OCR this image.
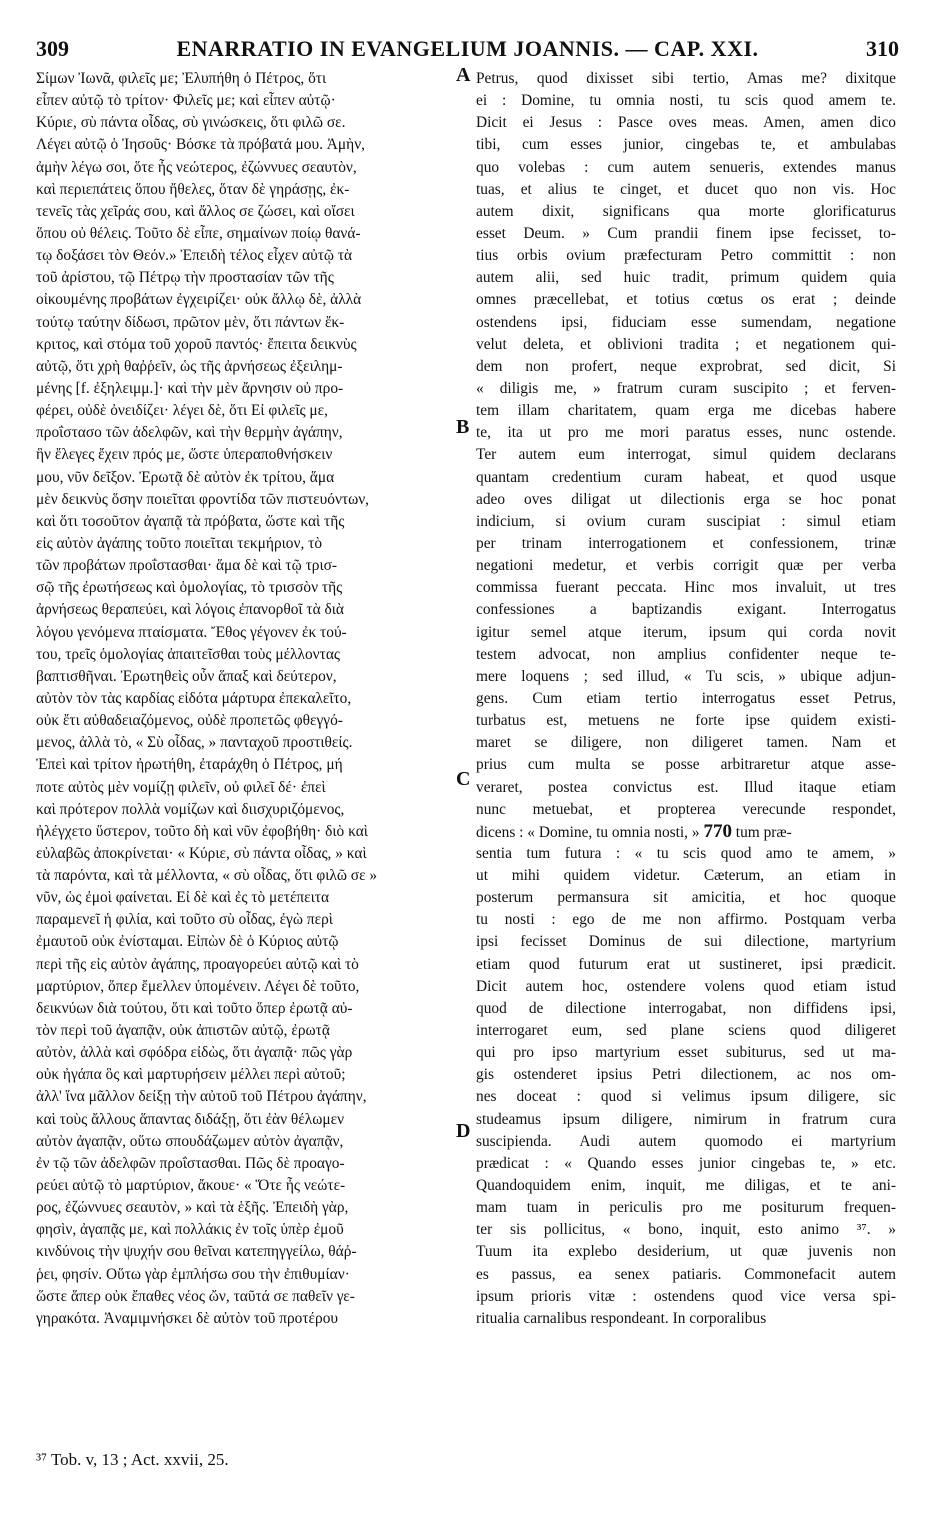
309	ENARRATIO IN EVANGELIUM JOANNIS. — CAP. XXI.	310
Σίμων Ἰωνᾶ, φιλεῖς με; Ἐλυπήθη ὁ Πέτρος, ὅτι
εἶπεν αὐτῷ τὸ τρίτον· Φιλεῖς με; καὶ εἶπεν αὐτῷ·
Κύριε, σὺ πάντα οἶδας, σὺ γινώσκεις, ὅτι φιλῶ σε.
Λέγει αὐτῷ ὁ Ἰησοῦς· Βόσκε τὰ πρόβατά μου. Ἀμὴν,
ἀμὴν λέγω σοι, ὅτε ἦς νεώτερος, ἐζώννυες σεαυτὸν,
καὶ περιεπάτεις ὅπου ἤθελες, ὅταν δὲ γηράσῃς, ἐκ-
τενεῖς τὰς χεῖράς σου, καὶ ἄλλος σε ζώσει, καὶ οἴσει
ὅπου οὐ θέλεις. Τοῦτο δὲ εἶπε, σημαίνων ποίῳ θανά-
τῳ δοξάσει τὸν Θεόν.» Ἐπειδὴ τέλος εἶχεν αὐτῷ τὰ
τοῦ ἀρίστου, τῷ Πέτρῳ τὴν προστασίαν τῶν τῆς
οἰκουμένης προβάτων ἐγχειρίζει· οὐκ ἄλλῳ δὲ, ἀλλὰ
τούτῳ ταύτην δίδωσι, πρῶτον μὲν, ὅτι πάντων ἔκ-
κριτος, καὶ στόμα τοῦ χοροῦ παντός· ἔπειτα δεικνὺς
αὐτῷ, ὅτι χρὴ θαῤῥεῖν, ὡς τῆς ἀρνήσεως ἐξειλημ-
μένης [f. ἐξηλειμμ.]· καὶ τὴν μὲν ἄρνησιν οὐ προ-
φέρει, οὐδὲ ὀνειδίζει· λέγει δὲ, ὅτι Εἰ φιλεῖς με,
προΐστασο τῶν ἀδελφῶν, καὶ τὴν θερμὴν ἀγάπην,
ἣν ἔλεγες ἔχειν πρός με, ὥστε ὑπεραποθνήσκειν
μου, νῦν δεῖξον. Ἐρωτᾷ δὲ αὐτὸν ἐκ τρίτου, ἅμα
μὲν δεικνὺς ὅσην ποιεῖται φροντίδα τῶν πιστευόντων,
καὶ ὅτι τοσοῦτον ἀγαπᾷ τὰ πρόβατα, ὥστε καὶ τῆς
εἰς αὐτὸν ἀγάπης τοῦτο ποιεῖται τεκμήριον, τὸ
τῶν προβάτων προΐστασθαι· ἅμα δὲ καὶ τῷ τρισ-
σῷ τῆς ἐρωτήσεως καὶ ὁμολογίας, τὸ τρισσὸν τῆς
ἀρνήσεως θεραπεύει, καὶ λόγοις ἐπανορθοῖ τὰ διὰ
λόγου γενόμενα πταίσματα. Ἔθος γέγονεν ἐκ τού-
του, τρεῖς ὁμολογίας ἀπαιτεῖσθαι τοὺς μέλλοντας
βαπτισθῆναι. Ἐρωτηθεὶς οὖν ἅπαξ καὶ δεύτερον,
αὐτὸν τὸν τὰς καρδίας εἰδότα μάρτυρα ἐπεκαλεῖτο,
οὐκ ἔτι αὐθαδειαζόμενος, οὐδὲ προπετῶς φθεγγό-
μενος, ἀλλὰ τὸ, « Σὺ οἶδας, » πανταχοῦ προστιθείς.
Ἐπεὶ καὶ τρίτον ἠρωτήθη, ἐταράχθη ὁ Πέτρος, μή
ποτε αὐτὸς μὲν νομίζῃ φιλεῖν, οὐ φιλεῖ δέ· ἐπεὶ
καὶ πρότερον πολλὰ νομίζων καὶ διισχυριζόμενος,
ἠλέγχετο ὕστερον, τοῦτο δὴ καὶ νῦν ἐφοβήθη· διὸ καὶ
εὐλαβῶς ἀποκρίνεται· « Κύριε, σὺ πάντα οἶδας, » καὶ
τὰ παρόντα, καὶ τὰ μέλλοντα, « σὺ οἶδας, ὅτι φιλῶ σε »
νῦν, ὡς ἐμοὶ φαίνεται. Εἰ δὲ καὶ ἐς τὸ μετέπειτα
παραμενεῖ ἡ φιλία, καὶ τοῦτο σὺ οἶδας, ἐγὼ περὶ
ἐμαυτοῦ οὐκ ἐνίσταμαι. Εἰπὼν δὲ ὁ Κύριος αὐτῷ
περὶ τῆς εἰς αὐτὸν ἀγάπης, προαγορεύει αὐτῷ καὶ τὸ
μαρτύριον, ὅπερ ἔμελλεν ὑπομένειν. Λέγει δὲ τοῦτο,
δεικνύων διὰ τούτου, ὅτι καὶ τοῦτο ὅπερ ἐρωτᾷ αὐ-
τὸν περὶ τοῦ ἀγαπᾷν, οὐκ ἀπιστῶν αὐτῷ, ἐρωτᾷ
αὐτὸν, ἀλλὰ καὶ σφόδρα εἰδὼς, ὅτι ἀγαπᾷ· πῶς γὰρ
οὐκ ἠγάπα ὃς καὶ μαρτυρήσειν μέλλει περὶ αὐτοῦ;
ἀλλ' ἵνα μᾶλλον δείξῃ τὴν αὐτοῦ τοῦ Πέτρου ἀγάπην,
καὶ τοὺς ἄλλους ἅπαντας διδάξῃ, ὅτι ἐὰν θέλωμεν
αὐτὸν ἀγαπᾷν, οὕτω σπουδάζωμεν αὐτὸν ἀγαπᾷν,
ἐν τῷ τῶν ἀδελφῶν προΐστασθαι. Πῶς δὲ προαγο-
ρεύει αὐτῷ τὸ μαρτύριον, ἄκουε· « Ὅτε ἦς νεώτε-
ρος, ἐζώννυες σεαυτὸν, » καὶ τὰ ἑξῆς. Ἐπειδὴ γὰρ,
φησὶν, ἀγαπᾷς με, καὶ πολλάκις ἐν τοῖς ὑπὲρ ἐμοῦ
κινδύνοις τὴν ψυχήν σου θεῖναι κατεπηγγείλω, θάῤ-
ῥει, φησίν. Οὕτω γὰρ ἐμπλήσω σου τὴν ἐπιθυμίαν·
ὥστε ἅπερ οὐκ ἔπαθες νέος ὤν, ταῦτά σε παθεῖν γε-
γηρακότα. Ἀναμιμνήσκει δὲ αὐτὸν τοῦ προτέρου
Petrus, quod dixisset sibi tertio, Amas me? dixitque
ei : Domine, tu omnia nosti, tu scis quod amem te.
Dicit ei Jesus : Pasce oves meas. Amen, amen dico
tibi, cum esses junior, cingebas te, et ambulabas
quo volebas : cum autem senueris, extendes manus
tuas, et alius te cinget, et ducet quo non vis. Hoc
autem dixit, significans qua morte glorificaturus
esset Deum. » Cum prandii finem ipse fecisset, to-
tius orbis ovium præfecturam Petro committit : non
autem alii, sed huic tradit, primum quidem quia
omnes præcellebat, et totius cœtus os erat ; deinde
ostendens ipsi, fiduciam esse sumendam, negatione
velut deleta, et oblivioni tradita ; et negationem qui-
dem non profert, neque exprobrat, sed dicit, Si
« diligis me, » fratrum curam suscipito ; et ferven-
tem illam charitatem, quam erga me dicebas habere
te, ita ut pro me mori paratus esses, nunc ostende.
Ter autem eum interrogat, simul quidem declarans
quantam credentium curam habeat, et quod usque
adeo oves diligat ut dilectionis erga se hoc ponat
indicium, si ovium curam suscipiat : simul etiam
per trinam interrogationem et confessionem, trinæ
negationi medetur, et verbis corrigit quæ per verba
commissa fuerant peccata. Hinc mos invaluit, ut tres
confessiones a baptizandis exigant. Interrogatus
igitur semel atque iterum, ipsum qui corda novit
testem advocat, non amplius confidenter neque te-
mere loquens ; sed illud, « Tu scis, » ubique adjun-
gens. Cum etiam tertio interrogatus esset Petrus,
turbatus est, metuens ne forte ipse quidem existi-
maret se diligere, non diligeret tamen. Nam et
prius cum multa se posse arbitraretur atque asse-
veraret, postea convictus est. Illud itaque etiam
nunc metuebat, et propterea verecunde respondet,
dicens : « Domine, tu omnia nosti, » 770 tum præ-
sentia tum futura : « tu scis quod amo te amem, »
ut mihi quidem videtur. Cæterum, an etiam in
posterum permansura sit amicitia, et hoc quoque
tu nosti : ego de me non affirmo. Postquam verba
ipsi fecisset Dominus de sui dilectione, martyrium
etiam quod futurum erat ut sustineret, ipsi prædicit.
Dicit autem hoc, ostendere volens quod etiam istud
quod de dilectione interrogabat, non diffidens ipsi,
interrogaret eum, sed plane sciens quod diligeret
qui pro ipso martyrium esset subiturus, sed ut ma-
gis ostenderet ipsius Petri dilectionem, ac nos om-
nes doceat : quod si velimus ipsum diligere, sic
studeamus ipsum diligere, nimirum in fratrum cura
suscipienda. Audi autem quomodo ei martyrium
prædicat : « Quando esses junior cingebas te, » etc.
Quandoquidem enim, inquit, me diligas, et te ani-
mam tuam in periculis pro me positurum frequen-
ter sis pollicitus, « bono, inquit, esto animo ³⁷. »
Tuum ita explebo desiderium, ut quæ juvenis non
es passus, ea senex patiaris. Commonefacit autem
ipsum prioris vitæ : ostendens quod vice versa spi-
ritualia carnalibus respondeant. In corporalibus
A
B
C
D
³⁷ Tob. v, 13 ; Act. xxvii, 25.
